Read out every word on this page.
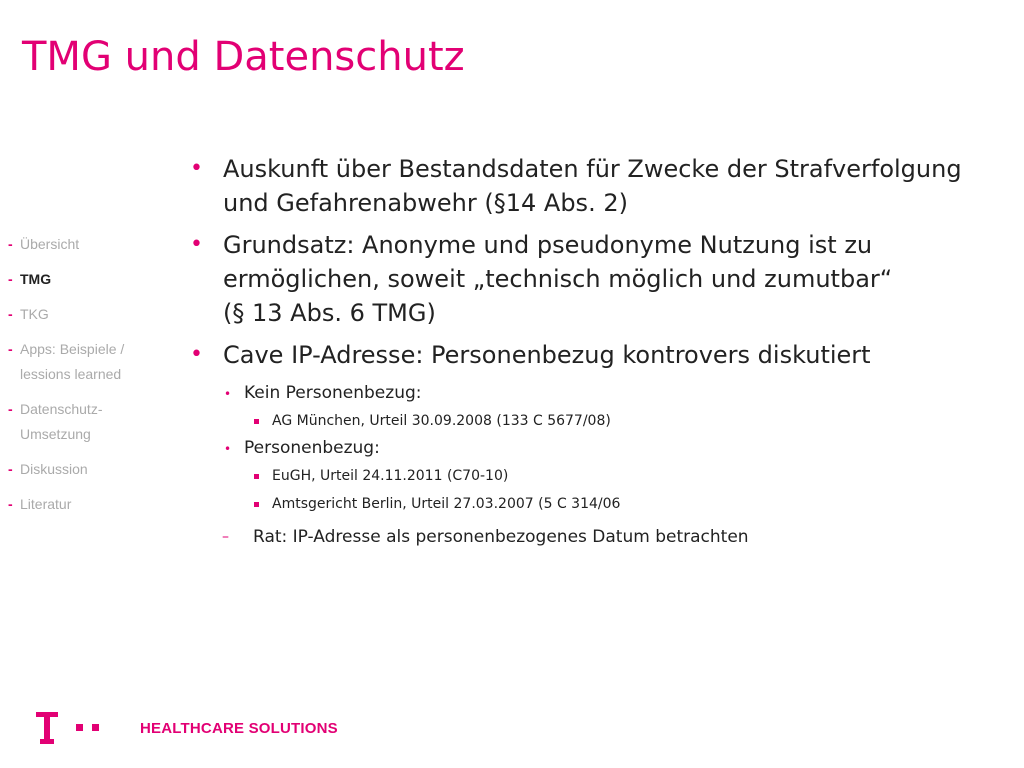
TMG und Datenschutz
- Übersicht
- TMG
- TKG
- Apps: Beispiele /
lessions learned
- Datenschutz-
Umsetzung
- Diskussion
- Literatur
• Auskunft über Bestandsdaten für Zwecke der Strafverfolgung
und Gefahrenabwehr (§14 Abs. 2)
• Grundsatz: Anonyme und pseudonyme Nutzung ist zu
ermöglichen, soweit „technisch möglich und zumutbar“
(§ 13 Abs. 6 TMG)
• Cave IP-Adresse: Personenbezug kontrovers diskutiert
• Kein Personenbezug:
AG München, Urteil 30.09.2008 (133 C 5677/08)
• Personenbezug:
EuGH, Urteil 24.11.2011 (C70-10)
Amtsgericht Berlin, Urteil 27.03.2007 (5 C 314/06
–	Rat: IP-Adresse als personenbezogenes Datum betrachten
HEALTHCARE SOLUTIONS
